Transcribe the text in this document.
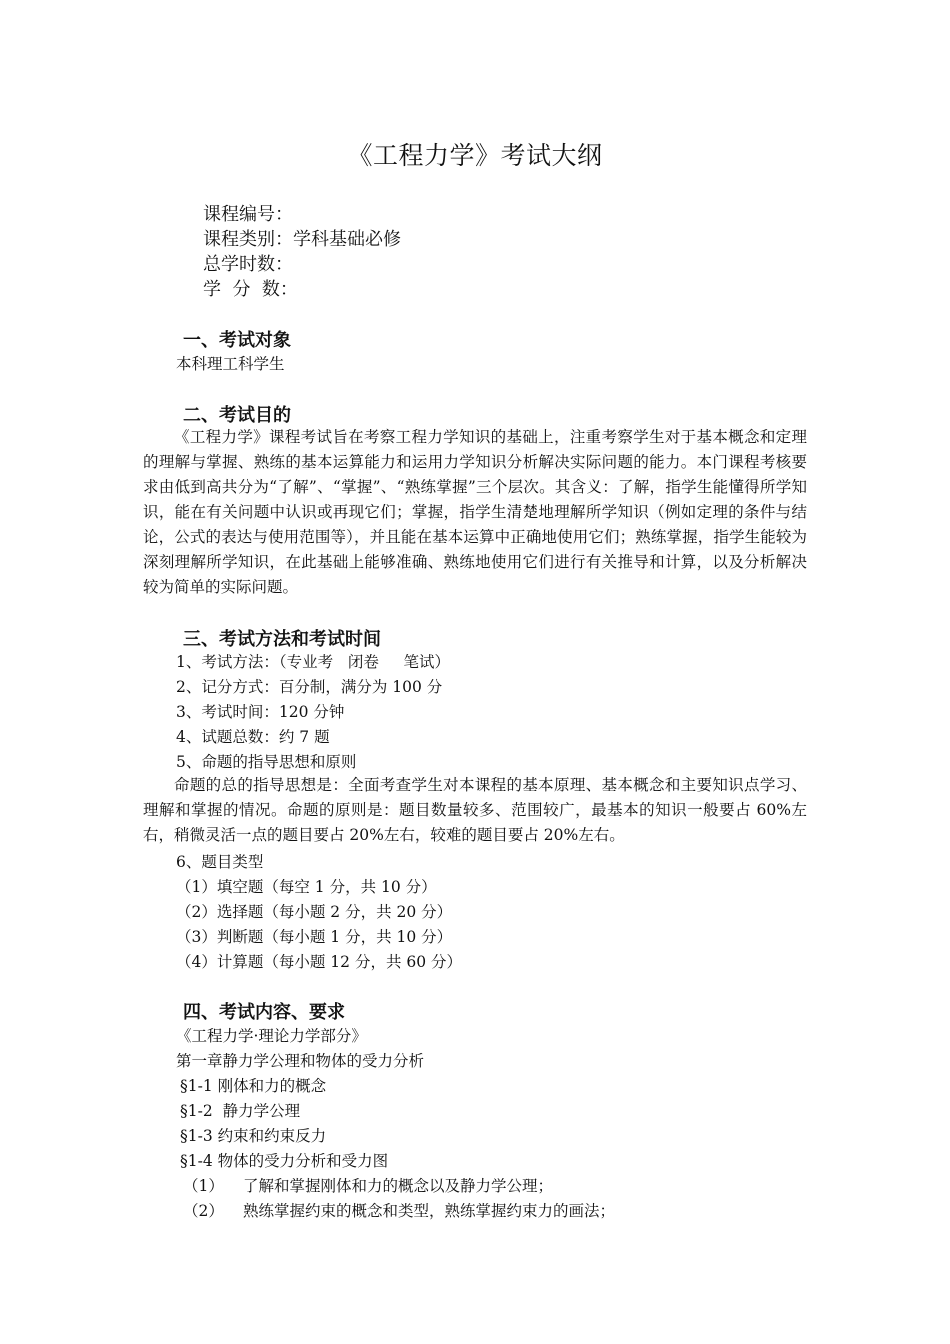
《工程力学》考试大纲
课程编号：
课程类别：学科基础必修
总学时数：
学  分  数：
一、考试对象
本科理工科学生
二、考试目的
《工程力学》课程考试旨在考察工程力学知识的基础上，注重考察学生对于基本概念和定理的理解与掌握、熟练的基本运算能力和运用力学知识分析解决实际问题的能力。本门课程考核要求由低到高共分为“了解”、“掌握”、“熟练掌握”三个层次。其含义：了解，指学生能懂得所学知识，能在有关问题中认识或再现它们；掌握，指学生清楚地理解所学知识（例如定理的条件与结论，公式的表达与使用范围等），并且能在基本运算中正确地使用它们；熟练掌握，指学生能较为深刻理解所学知识，在此基础上能够准确、熟练地使用它们进行有关推导和计算，以及分析解决较为简单的实际问题。
三、考试方法和考试时间
1、考试方法：（专业考   闭卷     笔试）
2、记分方式：百分制，满分为 100 分
3、考试时间：120 分钟
4、试题总数：约 7 题
5、命题的指导思想和原则
命题的总的指导思想是：全面考查学生对本课程的基本原理、基本概念和主要知识点学习、理解和掌握的情况。命题的原则是：题目数量较多、范围较广，最基本的知识一般要占 60%左右，稍微灵活一点的题目要占 20%左右，较难的题目要占 20%左右。
6、题目类型
（1）填空题（每空 1 分，共 10 分）
（2）选择题（每小题 2 分，共 20 分）
（3）判断题（每小题 1 分，共 10 分）
（4）计算题（每小题 12 分，共 60 分）
四、考试内容、要求
《工程力学·理论力学部分》
第一章静力学公理和物体的受力分析
§1-1 刚体和力的概念
§1-2  静力学公理
§1-3 约束和约束反力
§1-4 物体的受力分析和受力图
（1） 了解和掌握刚体和力的概念以及静力学公理；
（2） 熟练掌握约束的概念和类型，熟练掌握约束力的画法；
